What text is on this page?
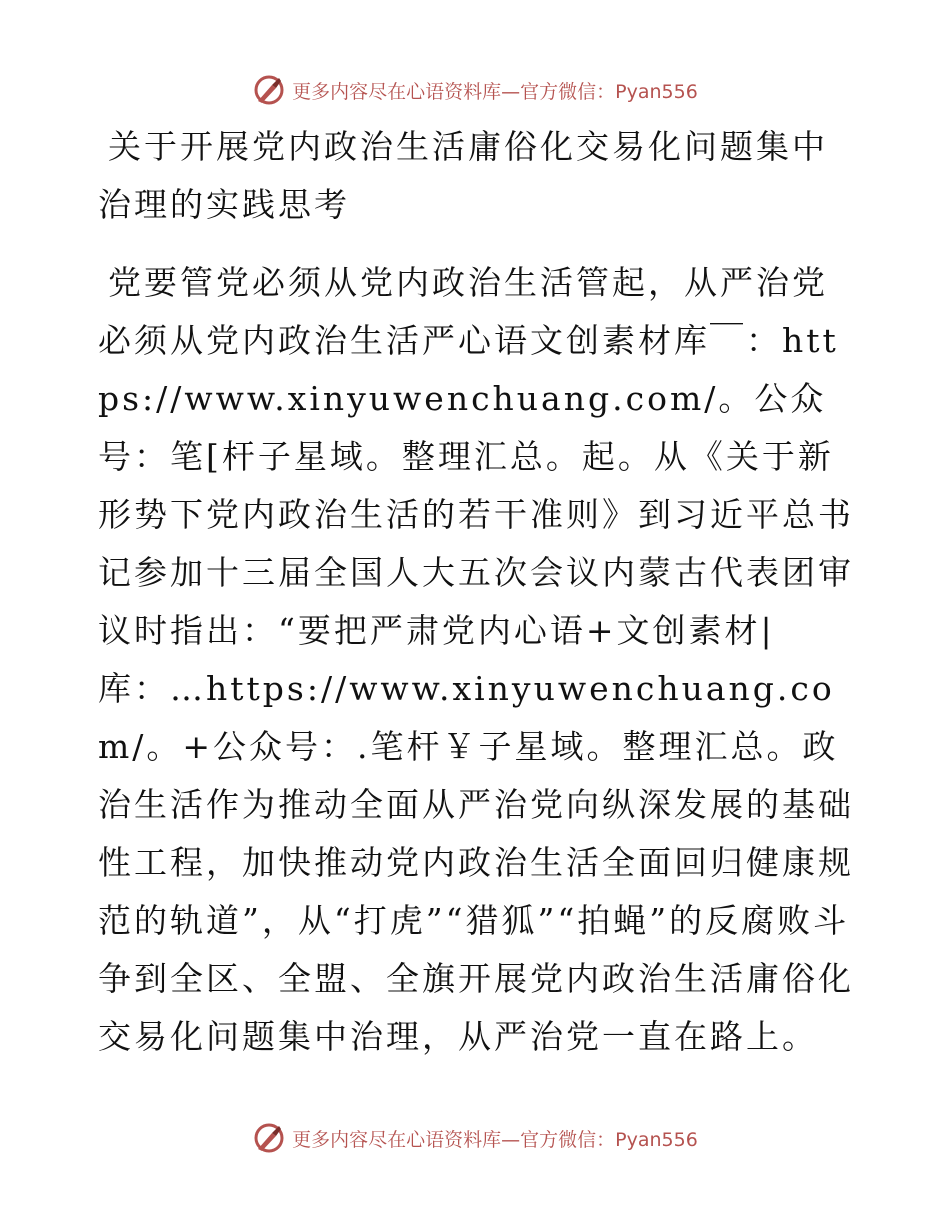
更多内容尽在心语资料库—官方微信：Pyan556
关于开展党内政治生活庸俗化交易化问题集中治理的实践思考

党要管党必须从党内政治生活管起，从严治党必须从党内政治生活严心语文创素材库￣：https://www.xinyuwenchuang.com/。公众号：笔[杆子星域。整理汇总。起。从《关于新形势下党内政治生活的若干准则》到习近平总书记参加十三届全国人大五次会议内蒙古代表团审议时指出：“要把严肃党内心语+文创素材|库：…https://www.xinyuwenchuang.com/。+公众号：.笔杆￥子星域。整理汇总。政治生活作为推动全面从严治党向纵深发展的基础性工程，加快推动党内政治生活全面回归健康规范的轨道”，从“打虎”“猎狐”“拍蝇”的反腐败斗争到全区、全盟、全旗开展党内政治生活庸俗化交易化问题集中治理，从严治党一直在路上。

更多内容尽在心语资料库—官方微信：Pyan556
